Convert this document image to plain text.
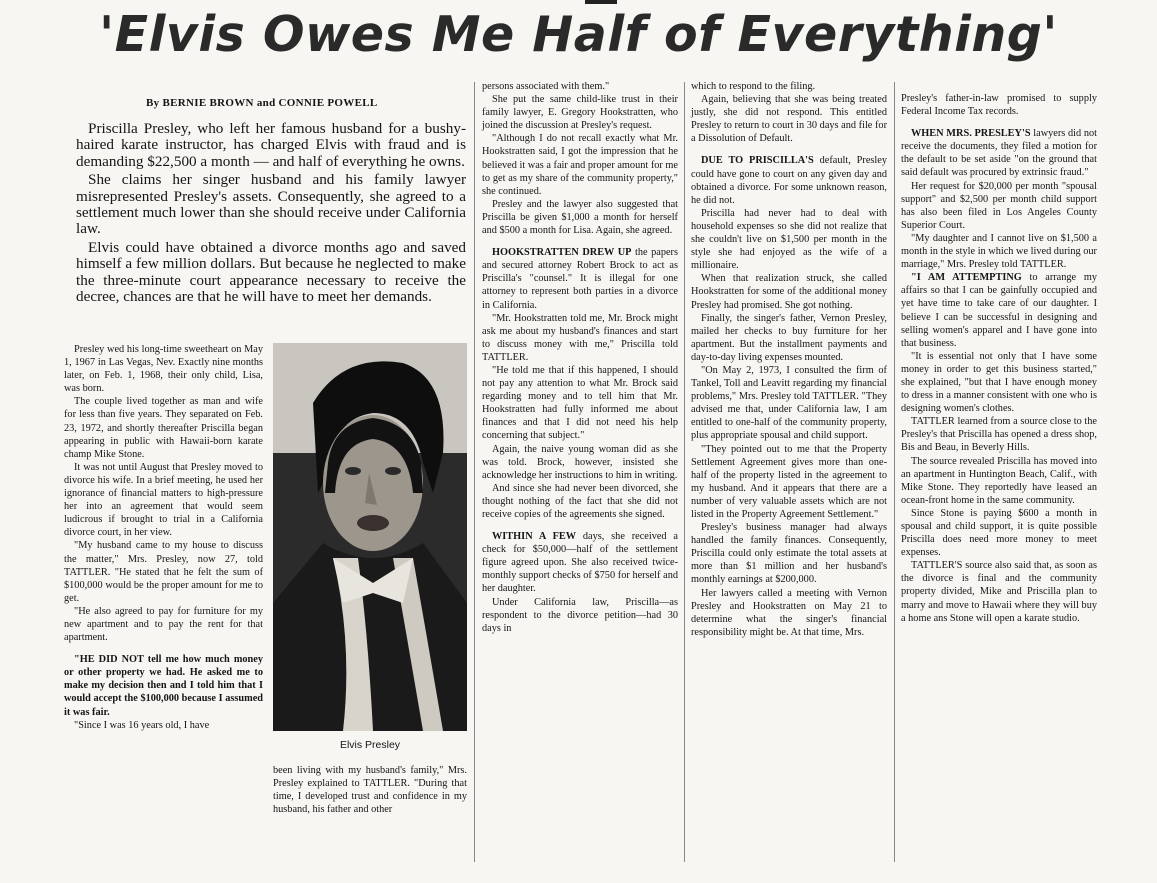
'Elvis Owes Me Half of Everything'
By BERNIE BROWN and CONNIE POWELL

Priscilla Presley, who left her famous husband for a bushy-haired karate instructor, has charged Elvis with fraud and is demanding $22,500 a month — and half of everything he owns.

She claims her singer husband and his family lawyer misrepresented Presley's assets. Consequently, she agreed to a settlement much lower than she should receive under California law.

Elvis could have obtained a divorce months ago and saved himself a few million dollars. But because he neglected to make the three-minute court appearance necessary to receive the decree, chances are that he will have to meet her demands.

Presley wed his long-time sweetheart on May 1, 1967 in Las Vegas, Nev. Exactly nine months later, on Feb. 1, 1968, their only child, Lisa, was born.

The couple lived together as man and wife for less than five years. They separated on Feb. 23, 1972, and shortly thereafter Priscilla began appearing in public with Hawaii-born karate champ Mike Stone.

It was not until August that Presley moved to divorce his wife. In a brief meeting, he used her ignorance of financial matters to high-pressure her into an agreement that would seem ludicrous if brought to trial in a California divorce court, in her view.

"My husband came to my house to discuss the matter," Mrs. Presley, now 27, told TATTLER. "He stated that he felt the sum of $100,000 would be the proper amount for me to get.

"He also agreed to pay for furniture for my new apartment and to pay the rent for that apartment.

"HE DID NOT tell me how much money or other property we had. He asked me to make my decision then and I told him that I would accept the $100,000 because I assumed it was fair.

"Since I was 16 years old, I have

Elvis Presley

been living with my husband's family," Mrs. Presley explained to TATTLER. "During that time, I developed trust and confidence in my husband, his father and other

persons associated with them."

She put the same child-like trust in their family lawyer, E. Gregory Hookstratten, who joined the discussion at Presley's request.

"Although I do not recall exactly what Mr. Hookstratten said, I got the impression that he believed it was a fair and proper amount for me to get as my share of the community property," she continued.

Presley and the lawyer also suggested that Priscilla be given $1,000 a month for herself and $500 a month for Lisa. Again, she agreed.

HOOKSTRATTEN DREW UP the papers and secured attorney Robert Brock to act as Priscilla's "counsel." It is illegal for one attorney to represent both parties in a divorce in California.

"Mr. Hookstratten told me, Mr. Brock might ask me about my husband's finances and start to discuss money with me," Priscilla told TATTLER.

"He told me that if this happened, I should not pay any attention to what Mr. Brock said regarding money and to tell him that Mr. Hookstratten had fully informed me about finances and that I did not need his help concerning that subject."

Again, the naive young woman did as she was told. Brock, however, insisted she acknowledge her instructions to him in writing.

And since she had never been divorced, she thought nothing of the fact that she did not receive copies of the agreements she signed.

WITHIN A FEW days, she received a check for $50,000—half of the settlement figure agreed upon. She also received twice-monthly support checks of $750 for herself and her daughter.

Under California law, Priscilla—as respondent to the divorce petition—had 30 days in

which to respond to the filing.

Again, believing that she was being treated justly, she did not respond. This entitled Presley to return to court in 30 days and file for a Dissolution of Default.

DUE TO PRISCILLA'S default, Presley could have gone to court on any given day and obtained a divorce. For some unknown reason, he did not.

Priscilla had never had to deal with household expenses so she did not realize that she couldn't live on $1,500 per month in the style she had enjoyed as the wife of a millionaire.

When that realization struck, she called Hookstratten for some of the additional money Presley had promised. She got nothing.

Finally, the singer's father, Vernon Presley, mailed her checks to buy furniture for her apartment. But the installment payments and day-to-day living expenses mounted.

"On May 2, 1973, I consulted the firm of Tankel, Toll and Leavitt regarding my financial problems," Mrs. Presley told TATTLER. "They advised me that, under California law, I am entitled to one-half of the community property, plus appropriate spousal and child support.

"They pointed out to me that the Property Settlement Agreement gives more than one-half of the property listed in the agreement to my husband. And it appears that there are a number of very valuable assets which are not listed in the Property Agreement Settlement."

Presley's business manager had always handled the family finances. Consequently, Priscilla could only estimate the total assets at more than $1 million and her husband's monthly earnings at $200,000.

Her lawyers called a meeting with Vernon Presley and Hookstratten on May 21 to determine what the singer's financial responsibility might be. At that time, Mrs.

Presley's father-in-law promised to supply Federal Income Tax records.

WHEN MRS. PRESLEY'S lawyers did not receive the documents, they filed a motion for the default to be set aside "on the ground that said default was procured by extrinsic fraud."

Her request for $20,000 per month "spousal support" and $2,500 per month child support has also been filed in Los Angeles County Superior Court.

"My daughter and I cannot live on $1,500 a month in the style in which we lived during our marriage," Mrs. Presley told TATTLER.

"I AM ATTEMPTING to arrange my affairs so that I can be gainfully occupied and yet have time to take care of our daughter. I believe I can be successful in designing and selling women's apparel and I have gone into that business.

"It is essential not only that I have some money in order to get this business started," she explained, "but that I have enough money to dress in a manner consistent with one who is designing women's clothes.

TATTLER learned from a source close to the Presley's that Priscilla has opened a dress shop, Bis and Beau, in Beverly Hills.

The source revealed Priscilla has moved into an apartment in Huntington Beach, Calif., with Mike Stone. They reportedly have leased an ocean-front home in the same community.

Since Stone is paying $600 a month in spousal and child support, it is quite possible Priscilla does need more money to meet expenses.

TATTLER'S source also said that, as soon as the divorce is final and the community property divided, Mike and Priscilla plan to marry and move to Hawaii where they will buy a home ans Stone will open a karate studio.
